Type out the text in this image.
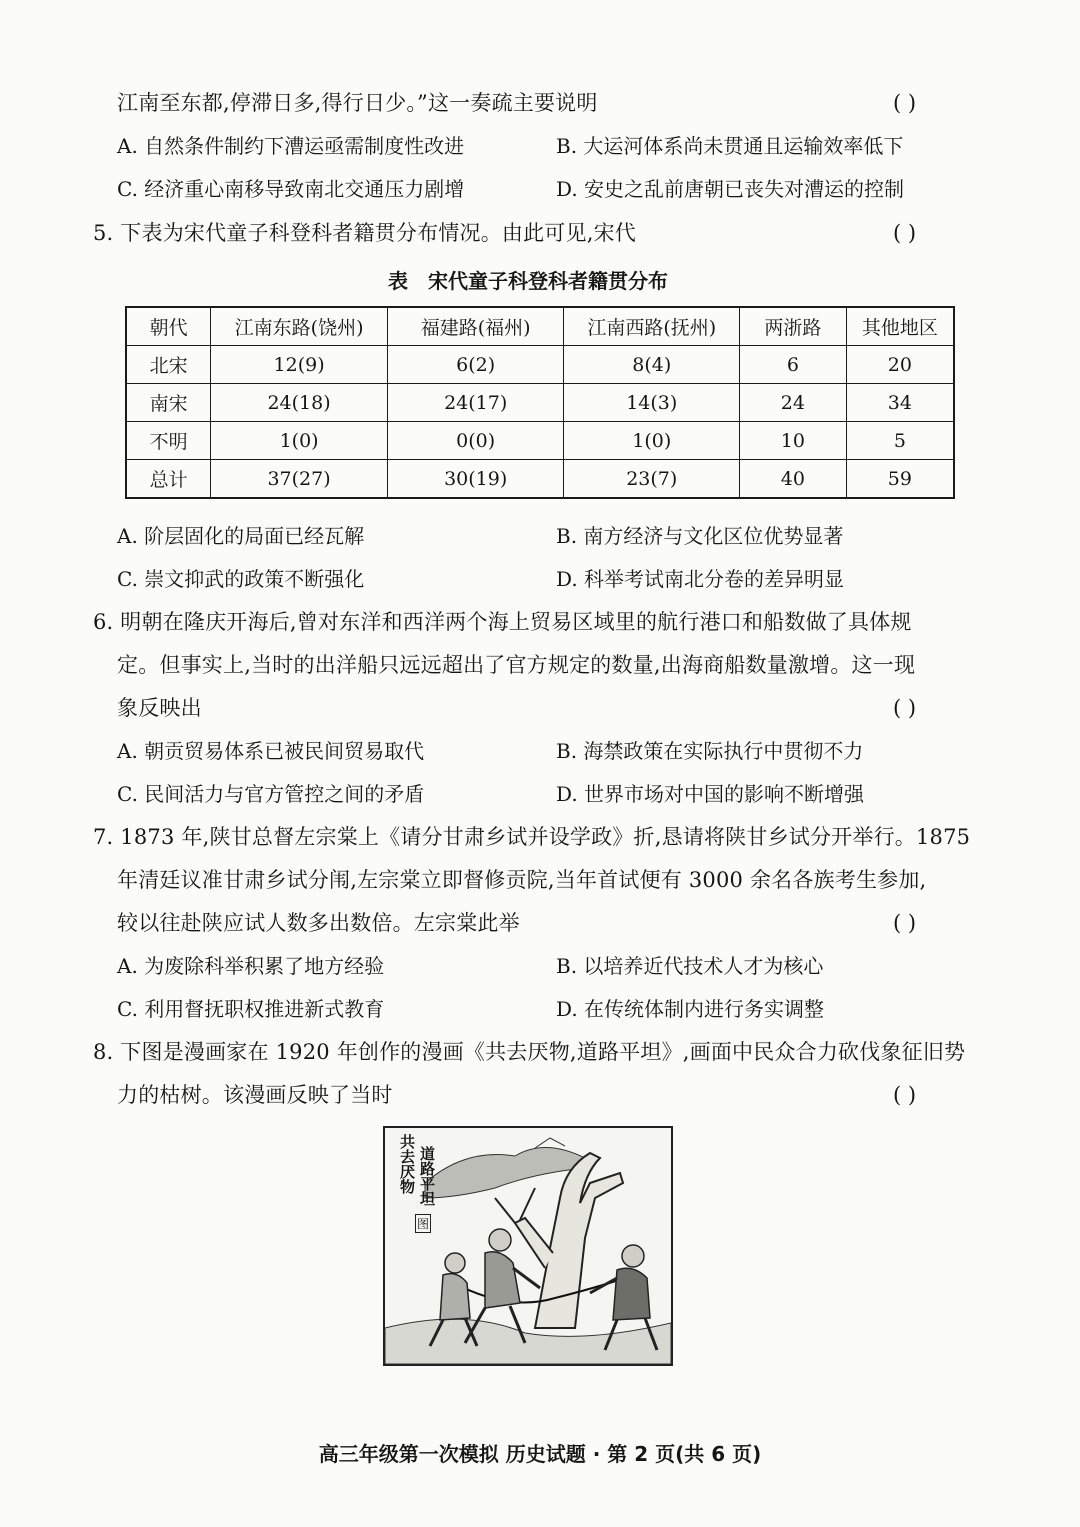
江南至东都,停滞日多,得行日少。”这一奏疏主要说明	( )
A. 自然条件制约下漕运亟需制度性改进	B. 大运河体系尚未贯通且运输效率低下
C. 经济重心南移导致南北交通压力剧增	D. 安史之乱前唐朝已丧失对漕运的控制
5. 下表为宋代童子科登科者籍贯分布情况。由此可见,宋代	( )
表　宋代童子科登科者籍贯分布
朝代	江南东路(饶州)	福建路(福州)	江南西路(抚州)	两浙路	其他地区
北宋	12(9)	6(2)	8(4)	6	20
南宋	24(18)	24(17)	14(3)	24	34
不明	1(0)	0(0)	1(0)	10	5
总计	37(27)	30(19)	23(7)	40	59
A. 阶层固化的局面已经瓦解	B. 南方经济与文化区位优势显著
C. 崇文抑武的政策不断强化	D. 科举考试南北分卷的差异明显
6. 明朝在隆庆开海后,曾对东洋和西洋两个海上贸易区域里的航行港口和船数做了具体规
定。但事实上,当时的出洋船只远远超出了官方规定的数量,出海商船数量激增。这一现
象反映出	( )
A. 朝贡贸易体系已被民间贸易取代	B. 海禁政策在实际执行中贯彻不力
C. 民间活力与官方管控之间的矛盾	D. 世界市场对中国的影响不断增强
7. 1873 年,陕甘总督左宗棠上《请分甘肃乡试并设学政》折,恳请将陕甘乡试分开举行。1875
年清廷议准甘肃乡试分闱,左宗棠立即督修贡院,当年首试便有 3000 余名各族考生参加,
较以往赴陕应试人数多出数倍。左宗棠此举	( )
A. 为废除科举积累了地方经验	B. 以培养近代技术人才为核心
C. 利用督抚职权推进新式教育	D. 在传统体制内进行务实调整
8. 下图是漫画家在 1920 年创作的漫画《共去厌物,道路平坦》,画面中民众合力砍伐象征旧势
力的枯树。该漫画反映了当时	( )
共去厌物 道路平坦
图
高三年级第一次模拟 历史试题 · 第 2 页(共 6 页)
